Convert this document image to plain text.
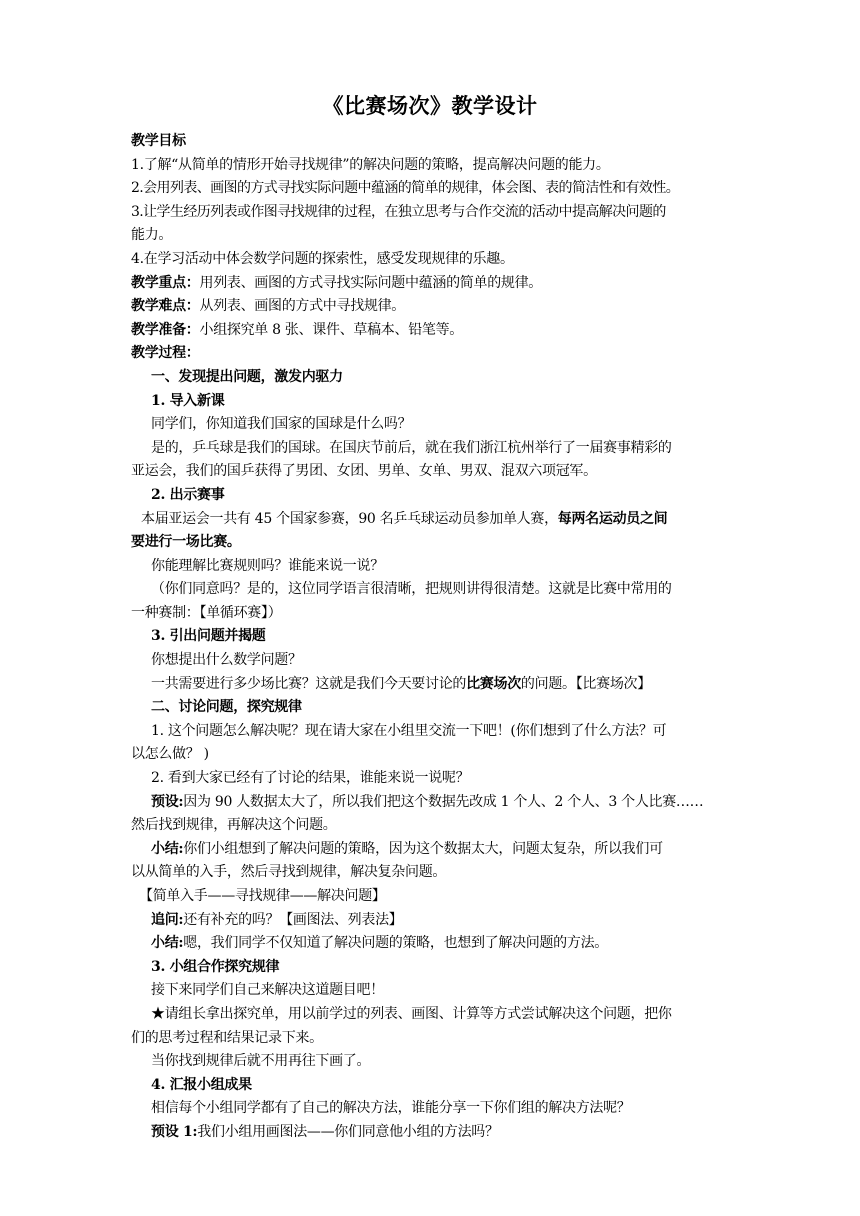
《比赛场次》教学设计

教学目标

1.了解“从简单的情形开始寻找规律”的解决问题的策略，提高解决问题的能力。

2.会用列表、画图的方式寻找实际问题中蕴涵的简单的规律，体会图、表的简洁性和有效性。

3.让学生经历列表或作图寻找规律的过程，在独立思考与合作交流的活动中提高解决问题的

能力。

4.在学习活动中体会数学问题的探索性，感受发现规律的乐趣。

教学重点：用列表、画图的方式寻找实际问题中蕴涵的简单的规律。

教学难点：从列表、画图的方式中寻找规律。

教学准备：小组探究单 8 张、课件、草稿本、铅笔等。

教学过程：

一、发现提出问题，激发内驱力

1. 导入新课

同学们，你知道我们国家的国球是什么吗？

是的，乒乓球是我们的国球。在国庆节前后，就在我们浙江杭州举行了一届赛事精彩的

亚运会，我们的国乒获得了男团、女团、男单、女单、男双、混双六项冠军。

2. 出示赛事

本届亚运会一共有 45 个国家参赛，90 名乒乓球运动员参加单人赛，每两名运动员之间

要进行一场比赛。

你能理解比赛规则吗？谁能来说一说？

（你们同意吗？是的，这位同学语言很清晰，把规则讲得很清楚。这就是比赛中常用的

一种赛制：【单循环赛】）

3. 引出问题并揭题

你想提出什么数学问题？

一共需要进行多少场比赛？这就是我们今天要讨论的比赛场次的问题。【比赛场次】

二、讨论问题，探究规律

1. 这个问题怎么解决呢？现在请大家在小组里交流一下吧！(你们想到了什么方法？可

以怎么做？ )

2. 看到大家已经有了讨论的结果，谁能来说一说呢？

预设:因为 90 人数据太大了，所以我们把这个数据先改成 1 个人、2 个人、3 个人比赛……

然后找到规律，再解决这个问题。

小结:你们小组想到了解决问题的策略，因为这个数据太大，问题太复杂，所以我们可

以从简单的入手，然后寻找到规律，解决复杂问题。

【简单入手——寻找规律——解决问题】

追问:还有补充的吗？【画图法、列表法】

小结:嗯，我们同学不仅知道了解决问题的策略，也想到了解决问题的方法。

3. 小组合作探究规律

接下来同学们自己来解决这道题目吧！

★请组长拿出探究单，用以前学过的列表、画图、计算等方式尝试解决这个问题，把你

们的思考过程和结果记录下来。

当你找到规律后就不用再往下画了。

4. 汇报小组成果

相信每个小组同学都有了自己的解决方法，谁能分享一下你们组的解决方法呢？

预设 1:我们小组用画图法——你们同意他小组的方法吗？
